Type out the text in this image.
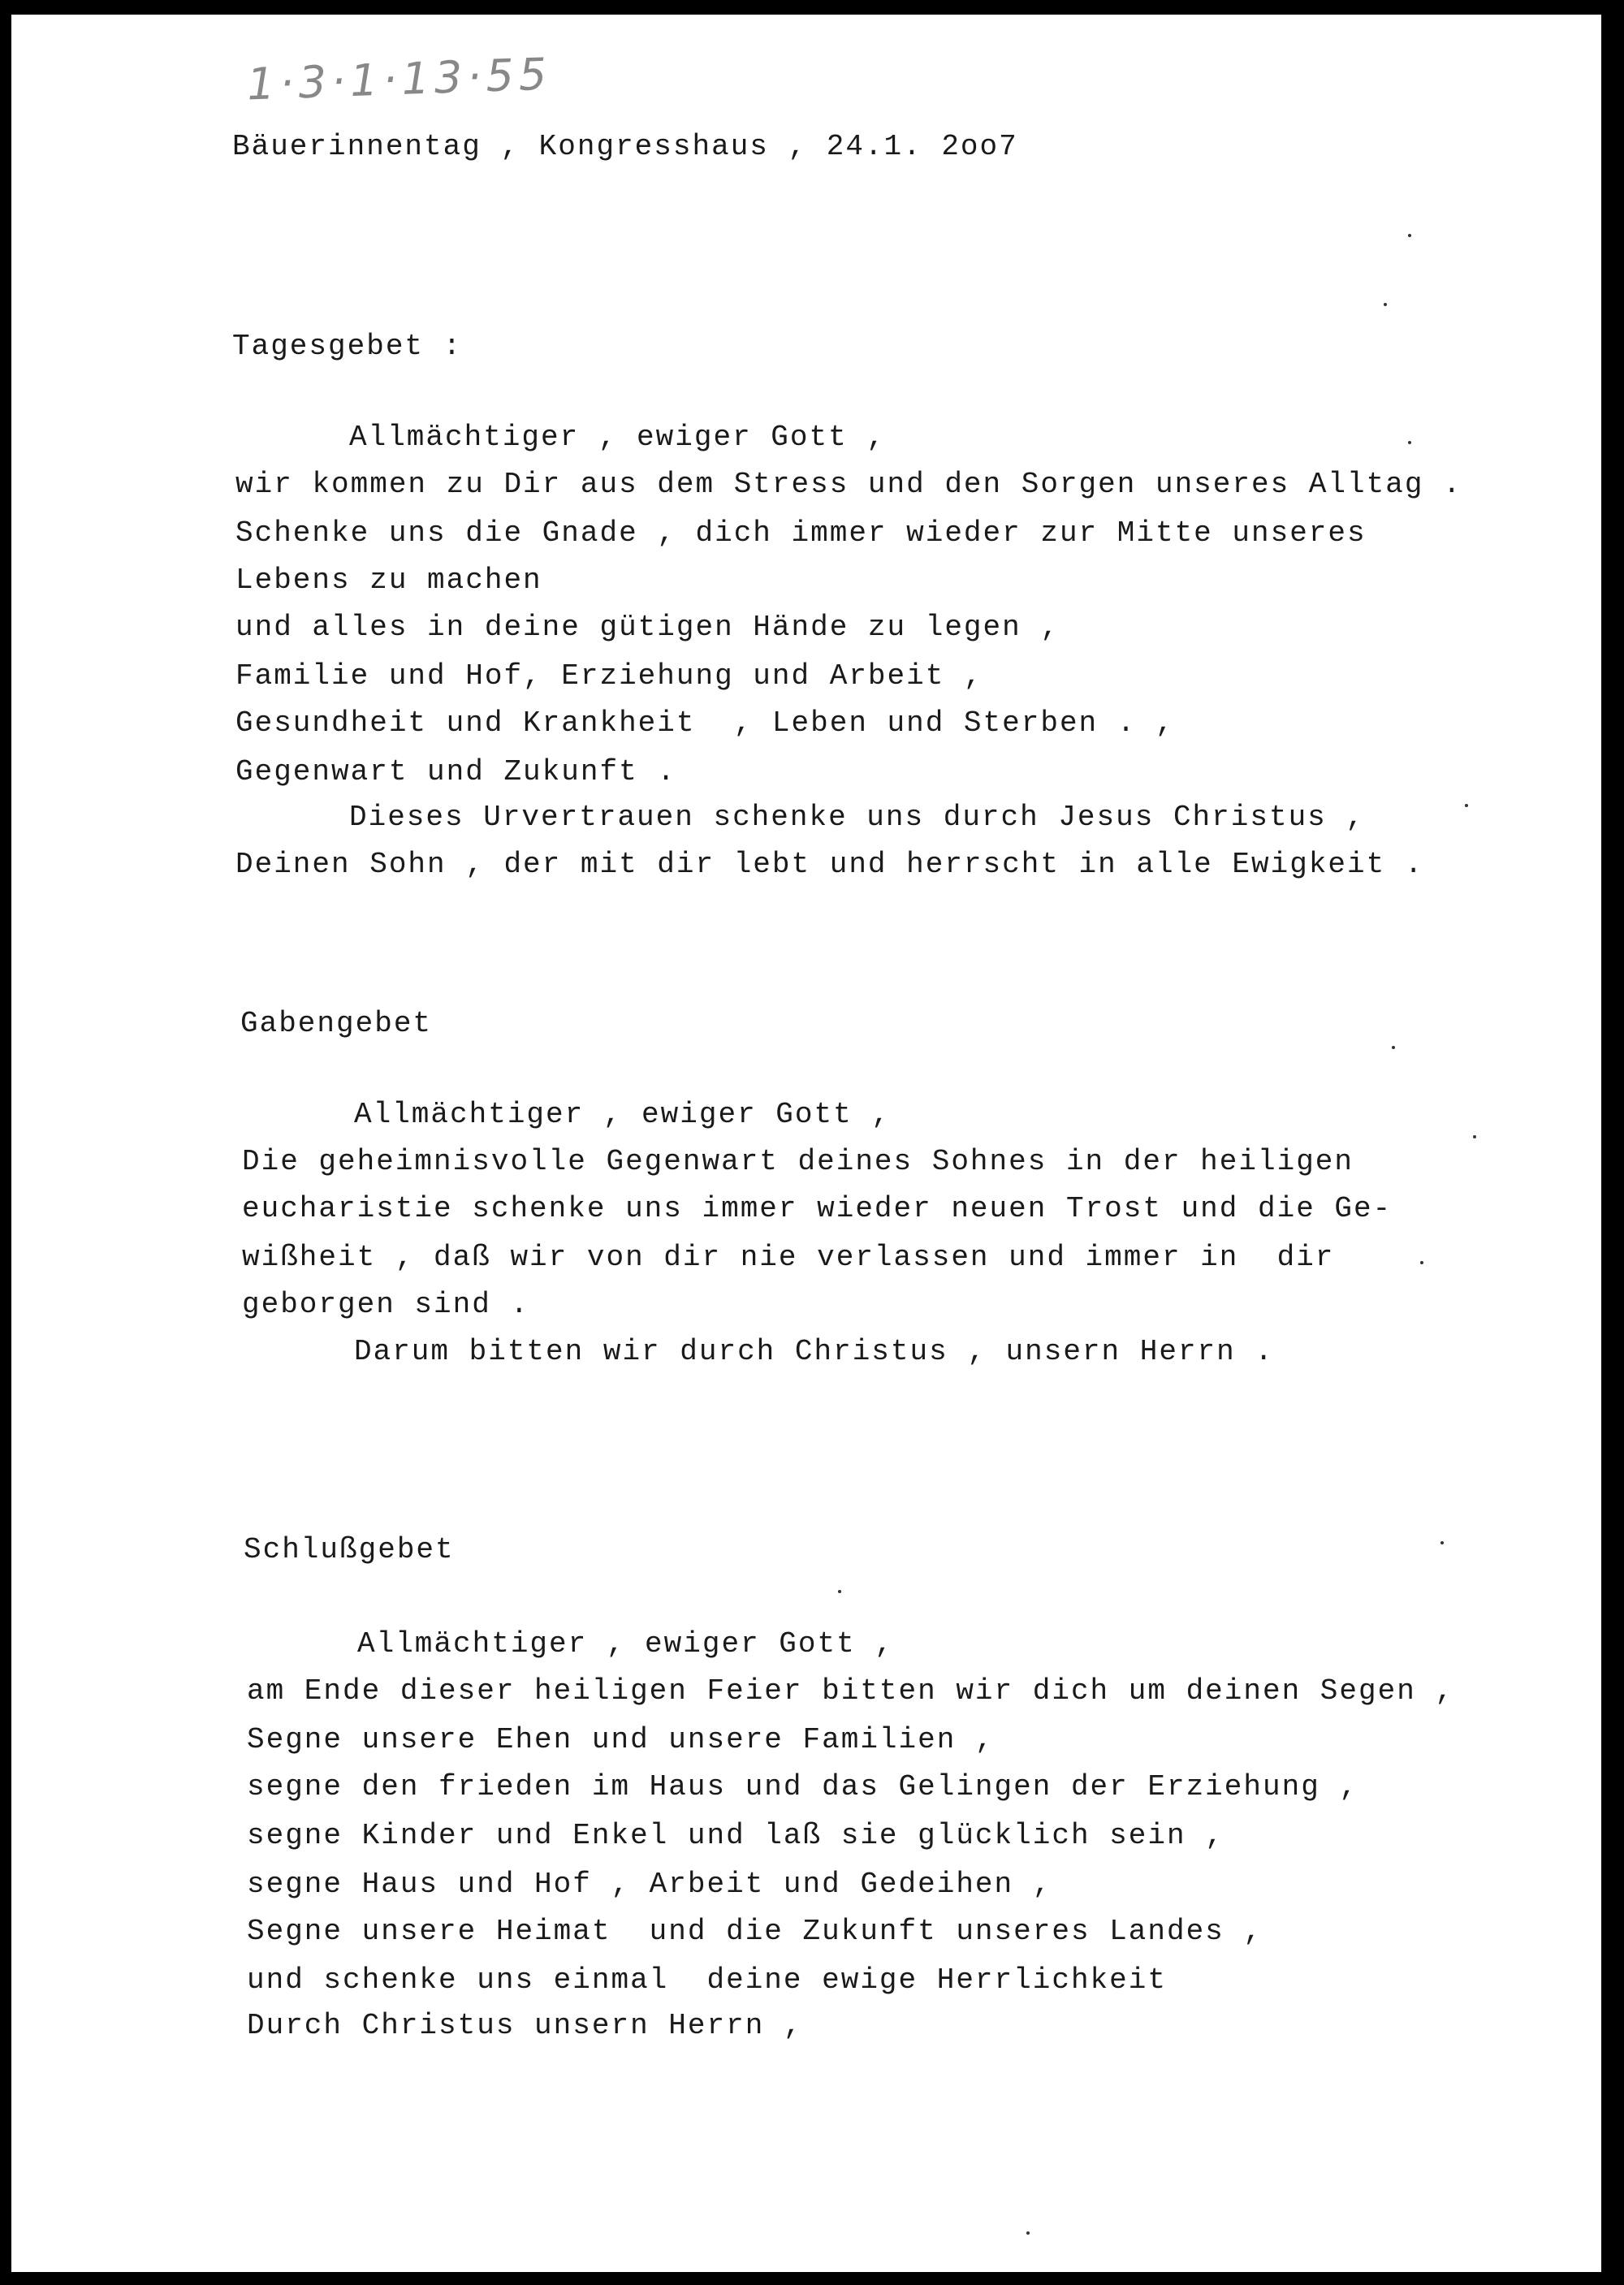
1·3·1·13·55
Bäuerinnentag , Kongresshaus , 24.1. 2oo7
Tagesgebet :
Allmächtiger , ewiger Gott ,
wir kommen zu Dir aus dem Stress und den Sorgen unseres Alltag .
Schenke uns die Gnade , dich immer wieder zur Mitte unseres
Lebens zu machen
und alles in deine gütigen Hände zu legen ,
Familie und Hof, Erziehung und Arbeit ,
Gesundheit und Krankheit  , Leben und Sterben . ,
Gegenwart und Zukunft .
Dieses Urvertrauen schenke uns durch Jesus Christus ,
Deinen Sohn , der mit dir lebt und herrscht in alle Ewigkeit .
Gabengebet
Allmächtiger , ewiger Gott ,
Die geheimnisvolle Gegenwart deines Sohnes in der heiligen
eucharistie schenke uns immer wieder neuen Trost und die Ge-
wißheit , daß wir von dir nie verlassen und immer in  dir
geborgen sind .
Darum bitten wir durch Christus , unsern Herrn .
Schlußgebet
Allmächtiger , ewiger Gott ,
am Ende dieser heiligen Feier bitten wir dich um deinen Segen ,
Segne unsere Ehen und unsere Familien ,
segne den frieden im Haus und das Gelingen der Erziehung ,
segne Kinder und Enkel und laß sie glücklich sein ,
segne Haus und Hof , Arbeit und Gedeihen ,
Segne unsere Heimat  und die Zukunft unseres Landes ,
und schenke uns einmal  deine ewige Herrlichkeit
Durch Christus unsern Herrn ,
